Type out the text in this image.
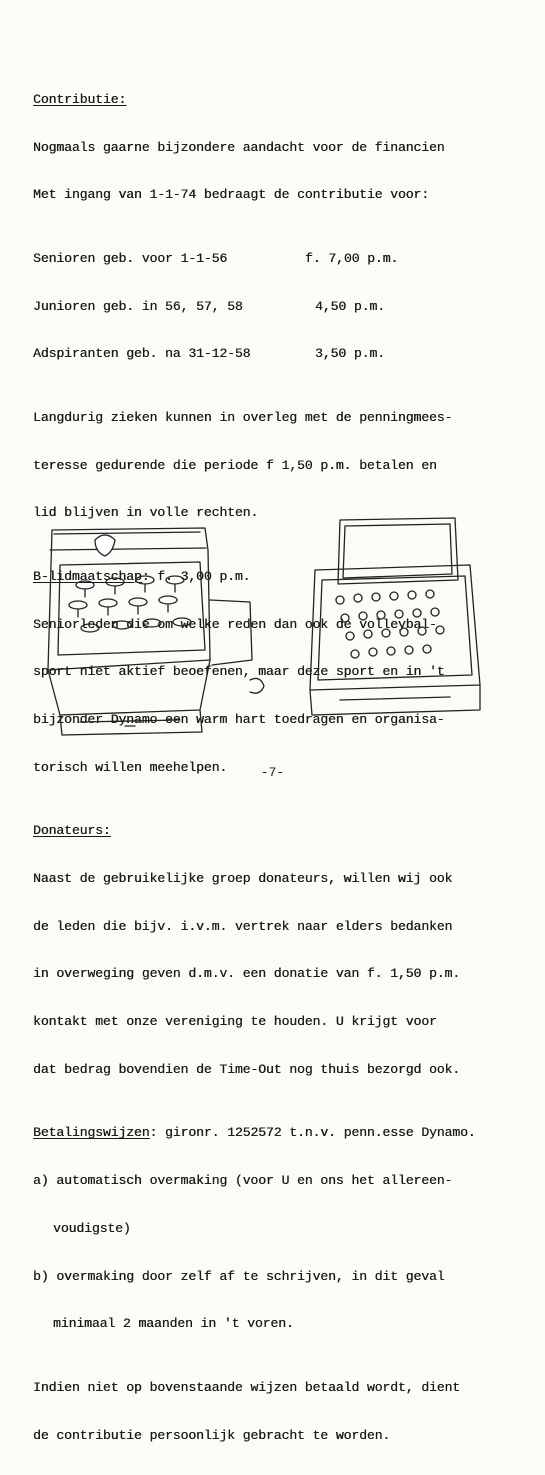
Contributie:

Nogmaals gaarne bijzondere aandacht voor de financien

Met ingang van 1-1-74 bedraagt de contributie voor:

Senioren geb. voor 1-1-56	f. 7,00 p.m.

Junioren geb. in 56, 57, 58	4,50 p.m.

Adspiranten geb. na 31-12-58	3,50 p.m.

Langdurig zieken kunnen in overleg met de penningmees-

teresse gedurende die periode f 1,50 p.m. betalen en

lid blijven in volle rechten.

B-lidmaatschap: f. 3,00 p.m.

Seniorleden die om welke reden dan ook de volleybal-

sport niet aktief beoefenen, maar deze sport en in 't

bijzonder Dynamo een warm hart toedragen en organisa-

torisch willen meehelpen.

Donateurs:

Naast de gebruikelijke groep donateurs, willen wij ook

de leden die bijv. i.v.m. vertrek naar elders bedanken

in overweging geven d.m.v. een donatie van f. 1,50 p.m.

kontakt met onze vereniging te houden. U krijgt voor

dat bedrag bovendien de Time-Out nog thuis bezorgd ook.

Betalingswijzen: gironr. 1252572 t.n.v. penn.esse Dynamo.

a) automatisch overmaking (voor U en ons het allereen-

voudigste)

b) overmaking door zelf af te schrijven, in dit geval

minimaal 2 maanden in 't voren.

Indien niet op bovenstaande wijzen betaald wordt, dient

de contributie persoonlijk gebracht te worden.

-7-
